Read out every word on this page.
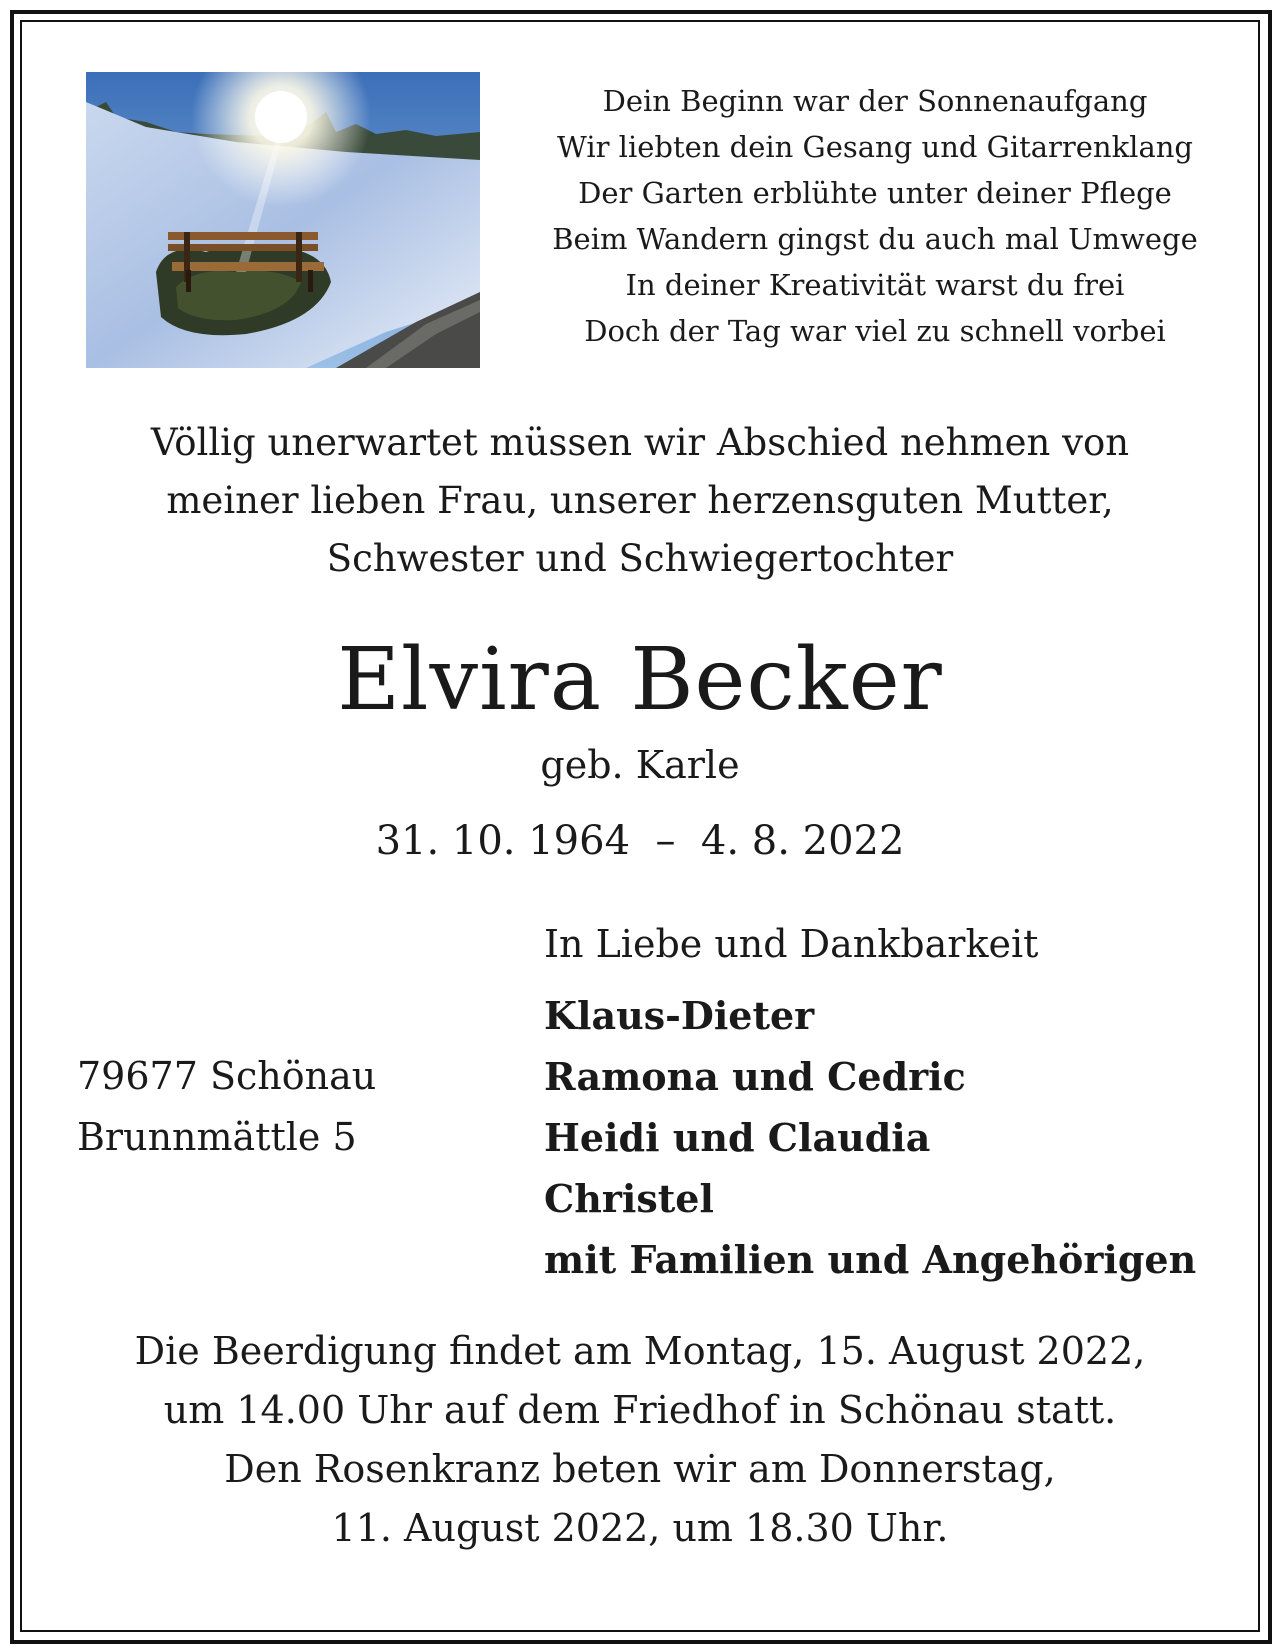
Dein Beginn war der Sonnenaufgang
Wir liebten dein Gesang und Gitarrenklang
Der Garten erblühte unter deiner Pflege
Beim Wandern gingst du auch mal Umwege
In deiner Kreativität warst du frei
Doch der Tag war viel zu schnell vorbei
Völlig unerwartet müssen wir Abschied nehmen von
meiner lieben Frau, unserer herzensguten Mutter,
Schwester und Schwiegertochter
Elvira Becker
geb. Karle
31. 10. 1964  –  4. 8. 2022
In Liebe und Dankbarkeit
Klaus-Dieter
Ramona und Cedric
Heidi und Claudia
Christel
mit Familien und Angehörigen
79677 Schönau
Brunnmättle 5
Die Beerdigung findet am Montag, 15. August 2022,
um 14.00 Uhr auf dem Friedhof in Schönau statt.
Den Rosenkranz beten wir am Donnerstag,
11. August 2022, um 18.30 Uhr.
